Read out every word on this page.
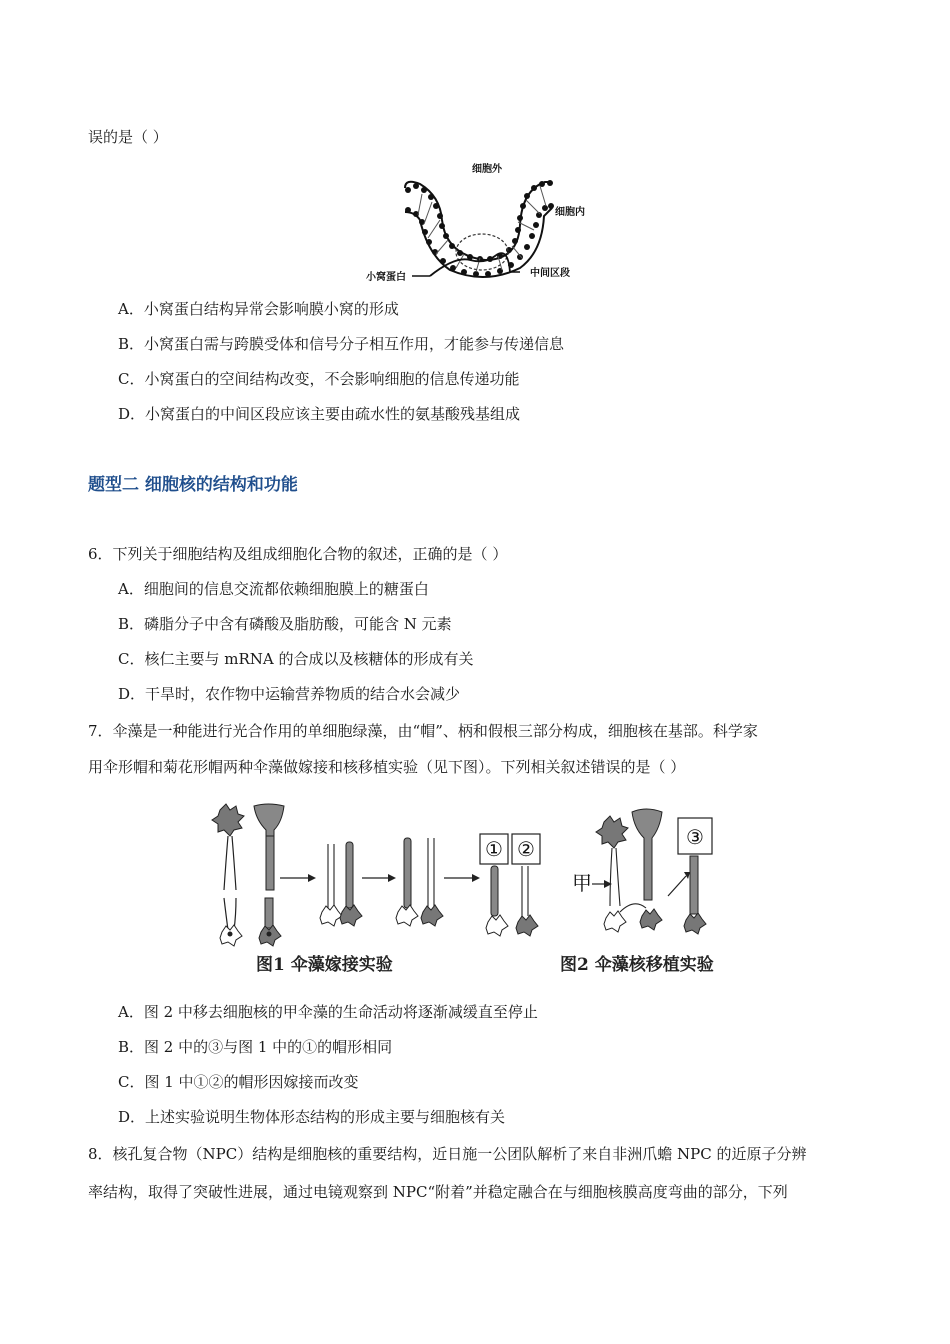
误的是（ ）
细胞外
细胞内
小窝蛋白	中间区段
A．小窝蛋白结构异常会影响膜小窝的形成
B．小窝蛋白需与跨膜受体和信号分子相互作用，才能参与传递信息
C．小窝蛋白的空间结构改变，不会影响细胞的信息传递功能
D．小窝蛋白的中间区段应该主要由疏水性的氨基酸残基组成
题型二 细胞核的结构和功能
6．下列关于细胞结构及组成细胞化合物的叙述，正确的是（ ）
A．细胞间的信息交流都依赖细胞膜上的糖蛋白
B．磷脂分子中含有磷酸及脂肪酸，可能含 N 元素
C．核仁主要与 mRNA 的合成以及核糖体的形成有关
D．干旱时，农作物中运输营养物质的结合水会减少
7．伞藻是一种能进行光合作用的单细胞绿藻，由“帽”、柄和假根三部分构成，细胞核在基部。科学家
用伞形帽和菊花形帽两种伞藻做嫁接和核移植实验（见下图）。下列相关叙述错误的是（ ）
① ②
甲
③
图1 伞藻嫁接实验	图2 伞藻核移植实验
A．图 2 中移去细胞核的甲伞藻的生命活动将逐渐减缓直至停止
B．图 2 中的③与图 1 中的①的帽形相同
C．图 1 中①②的帽形因嫁接而改变
D．上述实验说明生物体形态结构的形成主要与细胞核有关
8．核孔复合物（NPC）结构是细胞核的重要结构，近日施一公团队解析了来自非洲爪蟾 NPC 的近原子分辨
率结构，取得了突破性进展，通过电镜观察到 NPC“附着”并稳定融合在与细胞核膜高度弯曲的部分，下列
